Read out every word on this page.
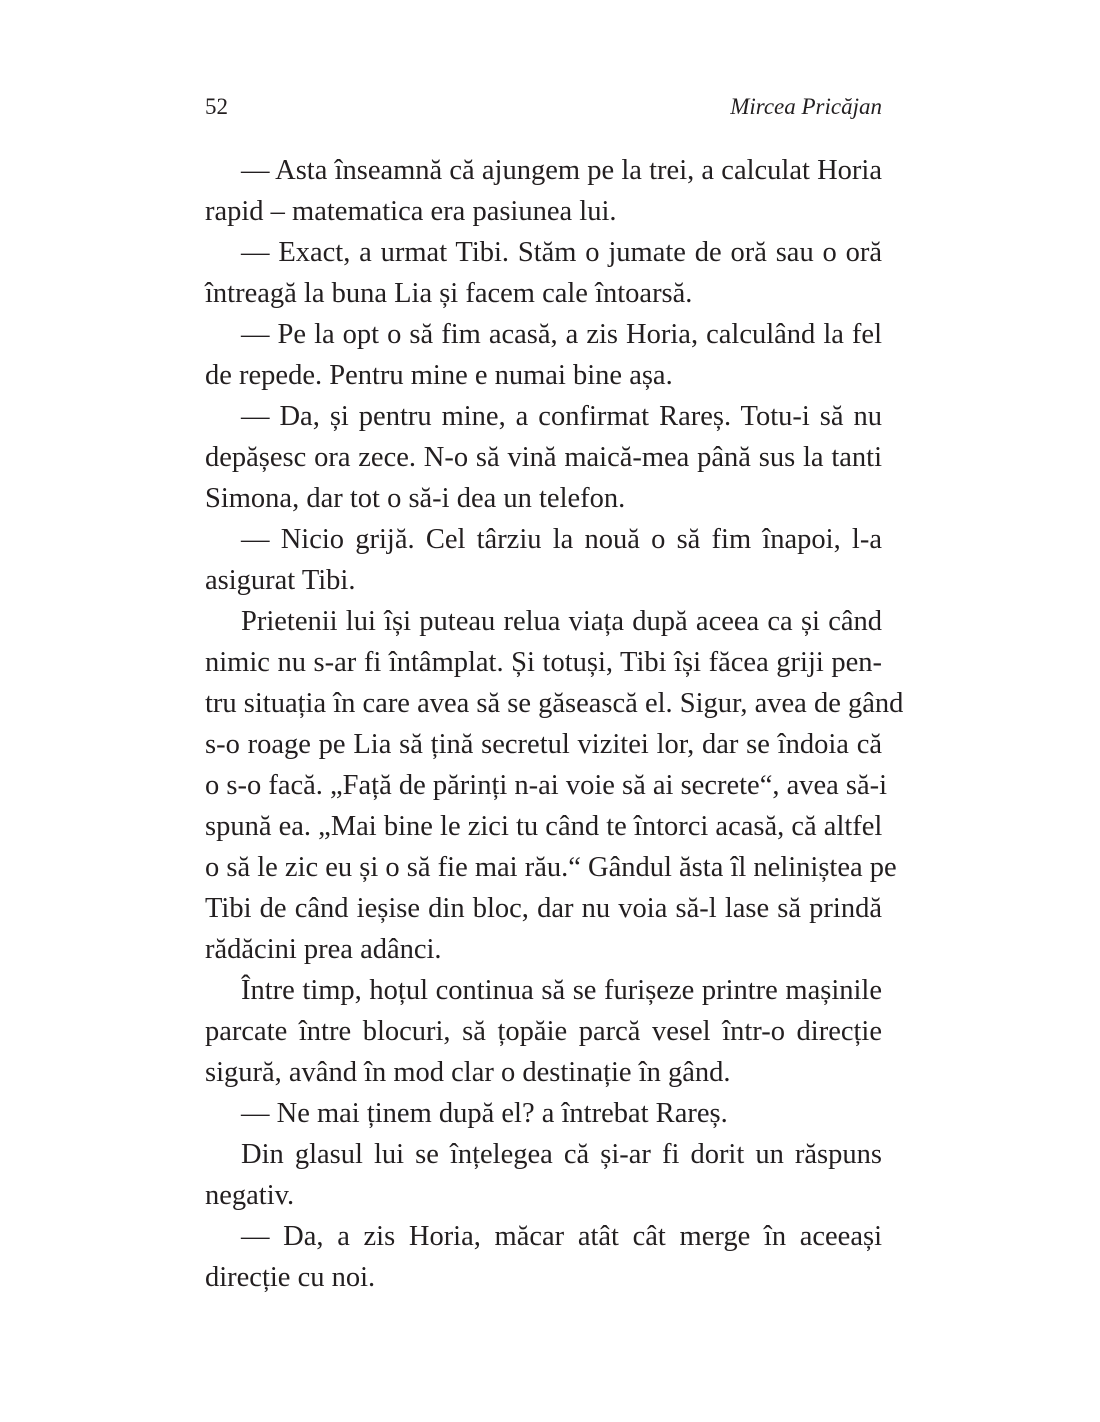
52	Mircea Pricăjan
— Asta înseamnă că ajungem pe la trei, a calculat Horia
rapid – matematica era pasiunea lui.
— Exact, a urmat Tibi. Stăm o jumate de oră sau o oră
întreagă la buna Lia și facem cale întoarsă.
— Pe la opt o să fim acasă, a zis Horia, calculând la fel
de repede. Pentru mine e numai bine așa.
— Da, și pentru mine, a confirmat Rareș. Totu-i să nu
depășesc ora zece. N-o să vină maică-mea până sus la tanti
Simona, dar tot o să-i dea un telefon.
— Nicio grijă. Cel târziu la nouă o să fim înapoi, l-a
asigurat Tibi.
Prietenii lui își puteau relua viața după aceea ca și când
nimic nu s-ar fi întâmplat. Și totuși, Tibi își făcea griji pen-
tru situația în care avea să se găsească el. Sigur, avea de gând
s-o roage pe Lia să țină secretul vizitei lor, dar se îndoia că
o s-o facă. „Față de părinți n-ai voie să ai secrete“, avea să-i
spună ea. „Mai bine le zici tu când te întorci acasă, că altfel
o să le zic eu și o să fie mai rău.“ Gândul ăsta îl neliniștea pe
Tibi de când ieșise din bloc, dar nu voia să-l lase să prindă
rădăcini prea adânci.
Între timp, hoțul continua să se furișeze printre mașinile
parcate între blocuri, să țopăie parcă vesel într-o direcție
sigură, având în mod clar o destinație în gând.
— Ne mai ținem după el? a întrebat Rareș.
Din glasul lui se înțelegea că și-ar fi dorit un răspuns
negativ.
— Da, a zis Horia, măcar atât cât merge în aceeași
direcție cu noi.
